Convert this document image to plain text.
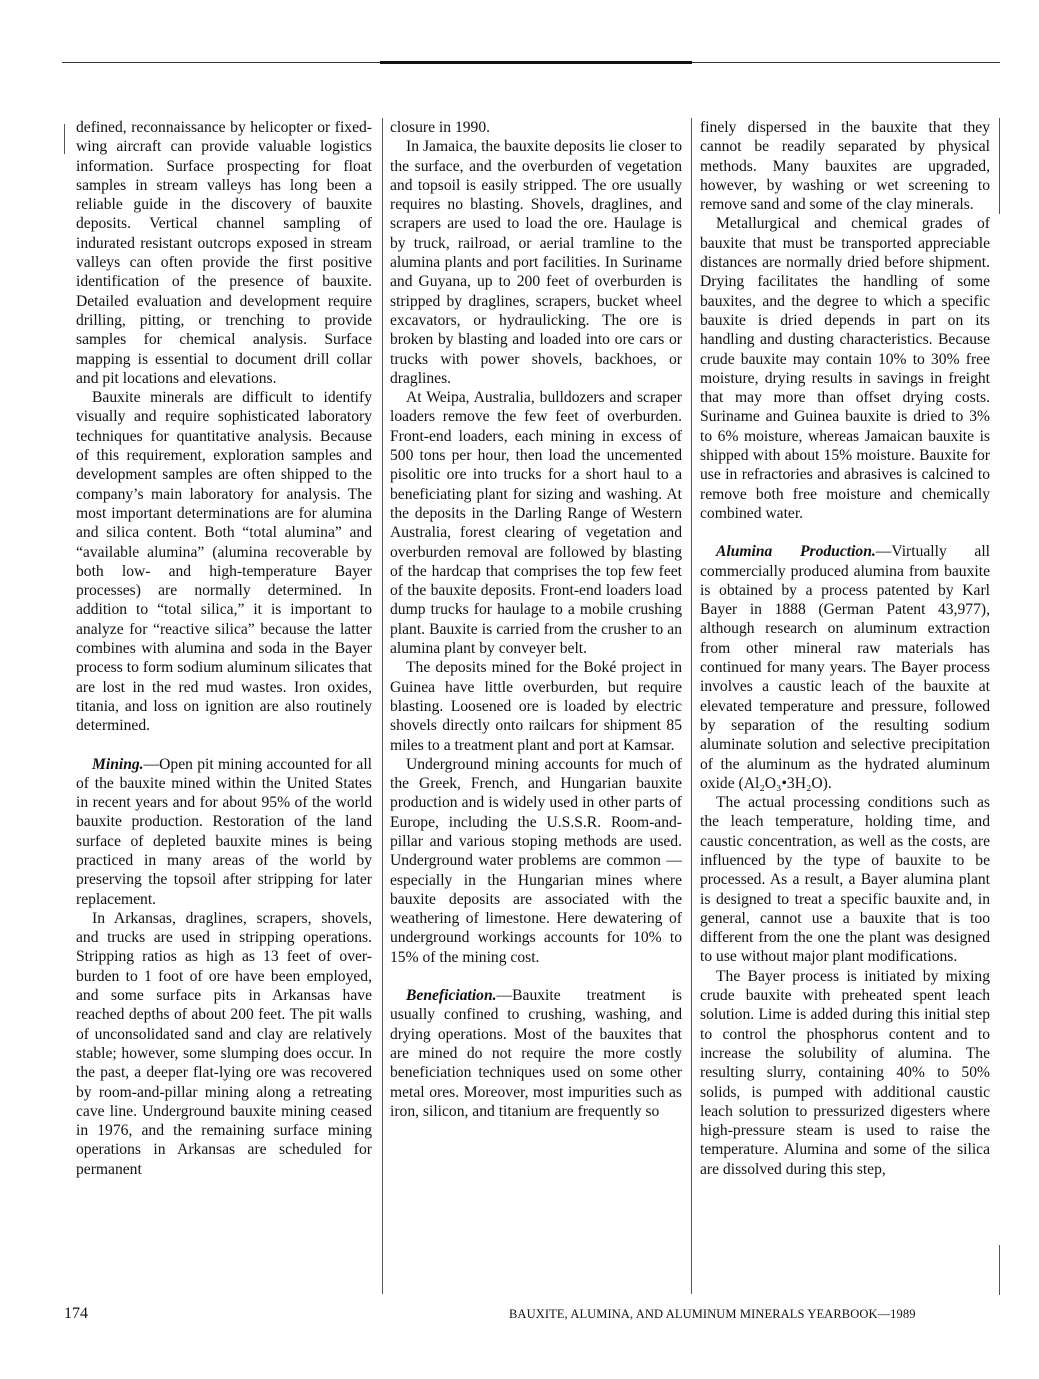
defined, reconnaissance by helicopter or fixed-wing aircraft can provide valuable logistics information. Surface prospecting for float samples in stream valleys has long been a reliable guide in the discovery of bauxite deposits. Vertical channel sampling of indurated resistant outcrops exposed in stream valleys can often provide the first positive identification of the presence of bauxite. Detailed evaluation and development require drilling, pitting, or trenching to provide samples for chemical analysis. Surface mapping is essential to document drill collar and pit locations and elevations.

Bauxite minerals are difficult to identify visually and require sophisticated laboratory techniques for quantitative analysis. Because of this requirement, exploration samples and development samples are often shipped to the company’s main laboratory for analysis. The most important determinations are for alumina and silica content. Both “total alumina” and “available alumina” (alumina recoverable by both low- and high-temperature Bayer processes) are normally determined. In addition to “total silica,” it is important to analyze for “reactive silica” because the latter combines with alumina and soda in the Bayer process to form sodium aluminum silicates that are lost in the red mud wastes. Iron oxides, titania, and loss on ignition are also routinely determined.

Mining.—Open pit mining accounted for all of the bauxite mined within the United States in recent years and for about 95% of the world bauxite production. Restoration of the land surface of depleted bauxite mines is being practiced in many areas of the world by preserving the topsoil after stripping for later replacement.

In Arkansas, draglines, scrapers, shovels, and trucks are used in stripping operations. Stripping ratios as high as 13 feet of over-burden to 1 foot of ore have been employed, and some surface pits in Arkansas have reached depths of about 200 feet. The pit walls of unconsolidated sand and clay are relatively stable; however, some slumping does occur. In the past, a deeper flat-lying ore was recovered by room-and-pillar mining along a retreating cave line. Underground bauxite mining ceased in 1976, and the remaining surface mining operations in Arkansas are scheduled for permanent

closure in 1990.

In Jamaica, the bauxite deposits lie closer to the surface, and the overburden of vegetation and topsoil is easily stripped. The ore usually requires no blasting. Shovels, draglines, and scrapers are used to load the ore. Haulage is by truck, railroad, or aerial tramline to the alumina plants and port facilities. In Suriname and Guyana, up to 200 feet of overburden is stripped by draglines, scrapers, bucket wheel excavators, or hydraulicking. The ore is broken by blasting and loaded into ore cars or trucks with power shovels, backhoes, or draglines.

At Weipa, Australia, bulldozers and scraper loaders remove the few feet of overburden. Front-end loaders, each mining in excess of 500 tons per hour, then load the uncemented pisolitic ore into trucks for a short haul to a beneficiating plant for sizing and washing. At the deposits in the Darling Range of Western Australia, forest clearing of vegetation and overburden removal are followed by blasting of the hardcap that comprises the top few feet of the bauxite deposits. Front-end loaders load dump trucks for haulage to a mobile crushing plant. Bauxite is carried from the crusher to an alumina plant by conveyer belt.

The deposits mined for the Boké project in Guinea have little overburden, but require blasting. Loosened ore is loaded by electric shovels directly onto railcars for shipment 85 miles to a treatment plant and port at Kamsar.

Underground mining accounts for much of the Greek, French, and Hungarian bauxite production and is widely used in other parts of Europe, including the U.S.S.R. Room-and-pillar and various stoping methods are used. Underground water problems are common —especially in the Hungarian mines where bauxite deposits are associated with the weathering of limestone. Here dewatering of underground workings accounts for 10% to 15% of the mining cost.

Beneficiation.—Bauxite treatment is usually confined to crushing, washing, and drying operations. Most of the bauxites that are mined do not require the more costly beneficiation techniques used on some other metal ores. Moreover, most impurities such as iron, silicon, and titanium are frequently so

finely dispersed in the bauxite that they cannot be readily separated by physical methods. Many bauxites are upgraded, however, by washing or wet screening to remove sand and some of the clay minerals.

Metallurgical and chemical grades of bauxite that must be transported appreciable distances are normally dried before shipment. Drying facilitates the handling of some bauxites, and the degree to which a specific bauxite is dried depends in part on its handling and dusting characteristics. Because crude bauxite may contain 10% to 30% free moisture, drying results in savings in freight that may more than offset drying costs. Suriname and Guinea bauxite is dried to 3% to 6% moisture, whereas Jamaican bauxite is shipped with about 15% moisture. Bauxite for use in refractories and abrasives is calcined to remove both free moisture and chemically combined water.

Alumina Production.—Virtually all commercially produced alumina from bauxite is obtained by a process patented by Karl Bayer in 1888 (German Patent 43,977), although research on aluminum extraction from other mineral raw materials has continued for many years. The Bayer process involves a caustic leach of the bauxite at elevated temperature and pressure, followed by separation of the resulting sodium aluminate solution and selective precipitation of the aluminum as the hydrated aluminum oxide (Al₂O₃•3H₂O).

The actual processing conditions such as the leach temperature, holding time, and caustic concentration, as well as the costs, are influenced by the type of bauxite to be processed. As a result, a Bayer alumina plant is designed to treat a specific bauxite and, in general, cannot use a bauxite that is too different from the one the plant was designed to use without major plant modifications.

The Bayer process is initiated by mixing crude bauxite with preheated spent leach solution. Lime is added during this initial step to control the phosphorus content and to increase the solubility of alumina. The resulting slurry, containing 40% to 50% solids, is pumped with additional caustic leach solution to pressurized digesters where high-pressure steam is used to raise the temperature. Alumina and some of the silica are dissolved during this step,

174	BAUXITE, ALUMINA, AND ALUMINUM MINERALS YEARBOOK—1989
